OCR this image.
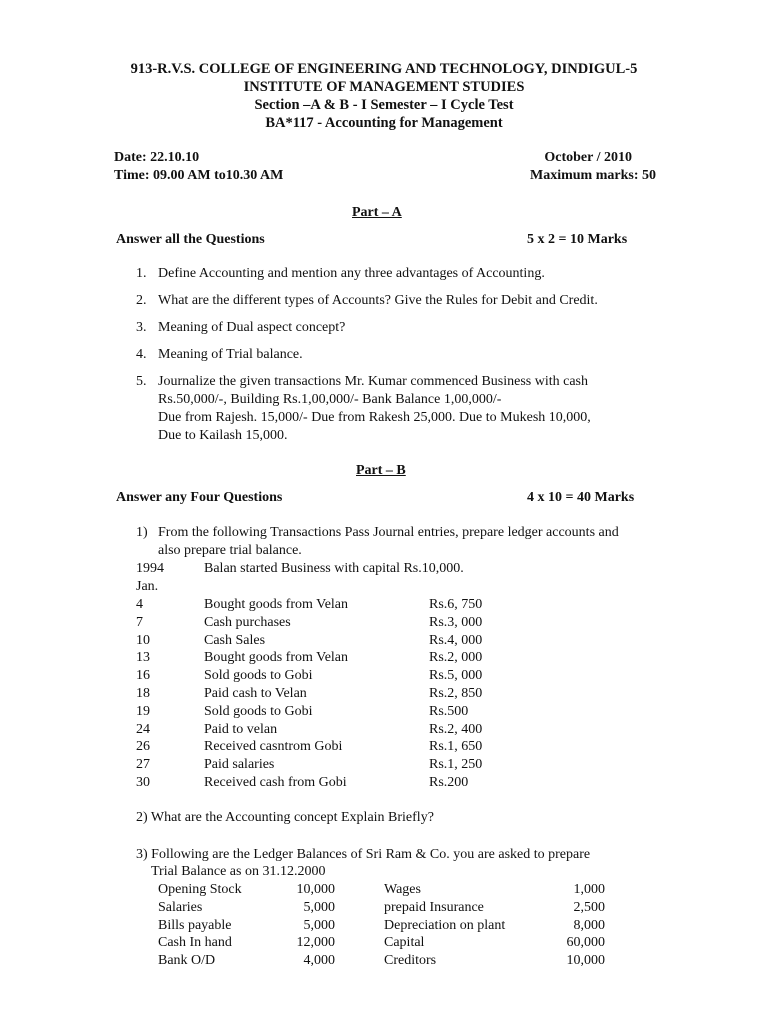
913-R.V.S. COLLEGE OF ENGINEERING AND TECHNOLOGY, DINDIGUL-5
INSTITUTE OF MANAGEMENT STUDIES
Section –A & B - I Semester – I Cycle Test
BA*117 - Accounting for Management
Date: 22.10.10
Time: 09.00 AM to10.30 AM
October / 2010
Maximum marks: 50
Part – A
Answer all the Questions	5 x 2 = 10 Marks
1. Define Accounting and mention any three advantages of Accounting.
2. What are the different types of Accounts? Give the Rules for Debit and Credit.
3. Meaning of Dual aspect concept?
4. Meaning of Trial balance.
5. Journalize the given transactions Mr. Kumar commenced Business with cash
Rs.50,000/-, Building Rs.1,00,000/- Bank Balance 1,00,000/-
Due from Rajesh. 15,000/- Due from Rakesh 25,000. Due to Mukesh 10,000,
Due to Kailash 15,000.
Part – B
Answer any Four Questions	4 x 10 = 40 Marks
1) From the following Transactions Pass Journal entries, prepare ledger accounts and
also prepare trial balance.
1994	Balan started Business with capital Rs.10,000.
Jan.
4	Bought goods from Velan	Rs.6, 750
7	Cash purchases	Rs.3, 000
10	Cash Sales	Rs.4, 000
13	Bought goods from Velan	Rs.2, 000
16	Sold goods to Gobi	Rs.5, 000
18	Paid cash to Velan	Rs.2, 850
19	Sold goods to Gobi	Rs.500
24	Paid to velan	Rs.2, 400
26	Received casntrom Gobi	Rs.1, 650
27	Paid salaries	Rs.1, 250
30	Received cash from Gobi	Rs.200
2) What are the Accounting concept Explain Briefly?
3) Following are the Ledger Balances of Sri Ram & Co. you are asked to prepare
Trial Balance as on 31.12.2000
Opening Stock	10,000	Wages	1,000
Salaries	5,000	prepaid Insurance	2,500
Bills payable	5,000	Depreciation on plant	8,000
Cash In hand	12,000	Capital	60,000
Bank O/D	4,000	Creditors	10,000
